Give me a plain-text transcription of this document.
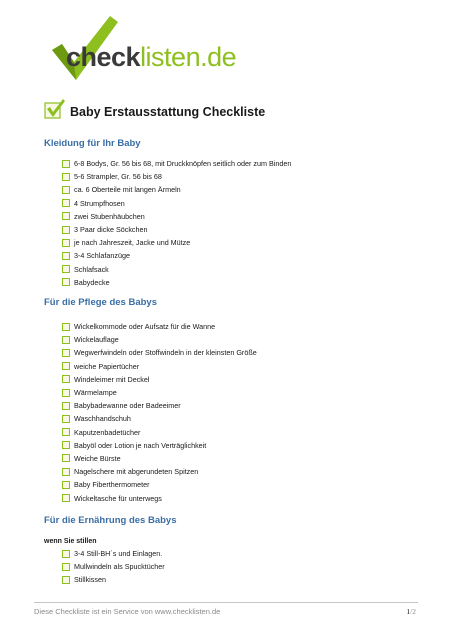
checklisten.de
Baby Erstausstattung Checkliste
Kleidung für Ihr Baby
6-8 Bodys, Gr. 56 bis 68, mit Druckknöpfen seitlich oder zum Binden
5-6 Strampler, Gr. 56 bis 68
ca. 6 Oberteile mit langen Ärmeln
4 Strumpfhosen
zwei Stubenhäubchen
3 Paar dicke Söckchen
je nach Jahreszeit, Jacke und Mütze
3-4 Schlafanzüge
Schlafsack
Babydecke
Für die Pflege des Babys
Wickelkommode oder Aufsatz für die Wanne
Wickelauflage
Wegwerfwindeln oder Stoffwindeln in der kleinsten Größe
weiche Papiertücher
Windeleimer mit Deckel
Wärmelampe
Babybadewanne oder Badeeimer
Waschhandschuh
Kaputzenbadetücher
Babyöl oder Lotion je nach Verträglichkeit
Weiche Bürste
Nagelschere mit abgerundeten Spitzen
Baby Fiberthermometer
Wickeltasche für unterwegs
Für die Ernährung des Babys
wenn Sie stillen
3-4 Still-BH´s und Einlagen.
Mullwindeln als Spucktücher
Stillkissen
Diese Checkliste ist ein Service von www.checklisten.de	1/2
